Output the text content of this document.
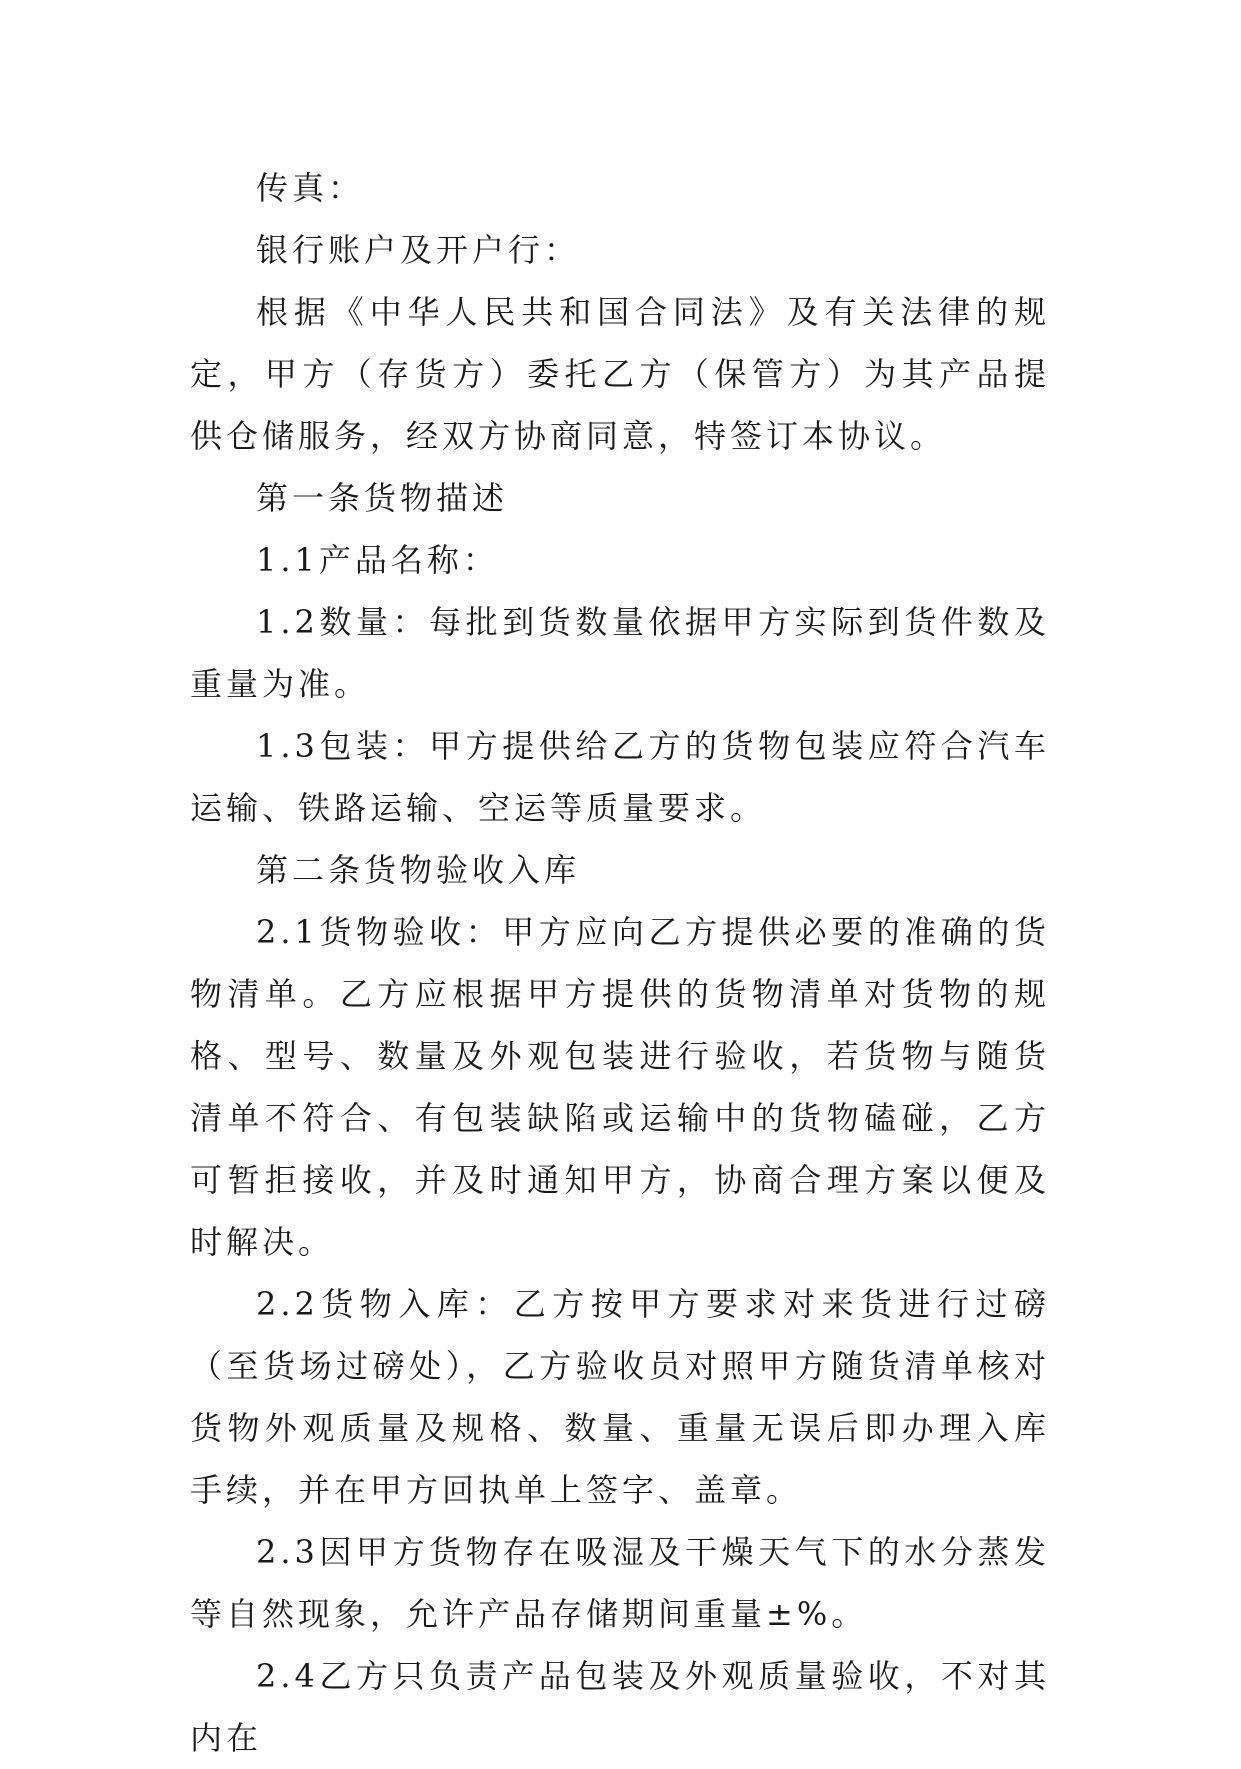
传真：

银行账户及开户行：

根据《中华人民共和国合同法》及有关法律的规定，甲方（存货方）委托乙方（保管方）为其产品提供仓储服务，经双方协商同意，特签订本协议。

第一条货物描述

1.1产品名称：

1.2数量：每批到货数量依据甲方实际到货件数及重量为准。

1.3包装：甲方提供给乙方的货物包装应符合汽车运输、铁路运输、空运等质量要求。

第二条货物验收入库

2.1货物验收：甲方应向乙方提供必要的准确的货物清单。乙方应根据甲方提供的货物清单对货物的规格、型号、数量及外观包装进行验收，若货物与随货清单不符合、有包装缺陷或运输中的货物磕碰，乙方可暂拒接收，并及时通知甲方，协商合理方案以便及时解决。

2.2货物入库：乙方按甲方要求对来货进行过磅（至货场过磅处），乙方验收员对照甲方随货清单核对货物外观质量及规格、数量、重量无误后即办理入库手续，并在甲方回执单上签字、盖章。

2.3因甲方货物存在吸湿及干燥天气下的水分蒸发等自然现象，允许产品存储期间重量±%。

2.4乙方只负责产品包装及外观质量验收，不对其内在
